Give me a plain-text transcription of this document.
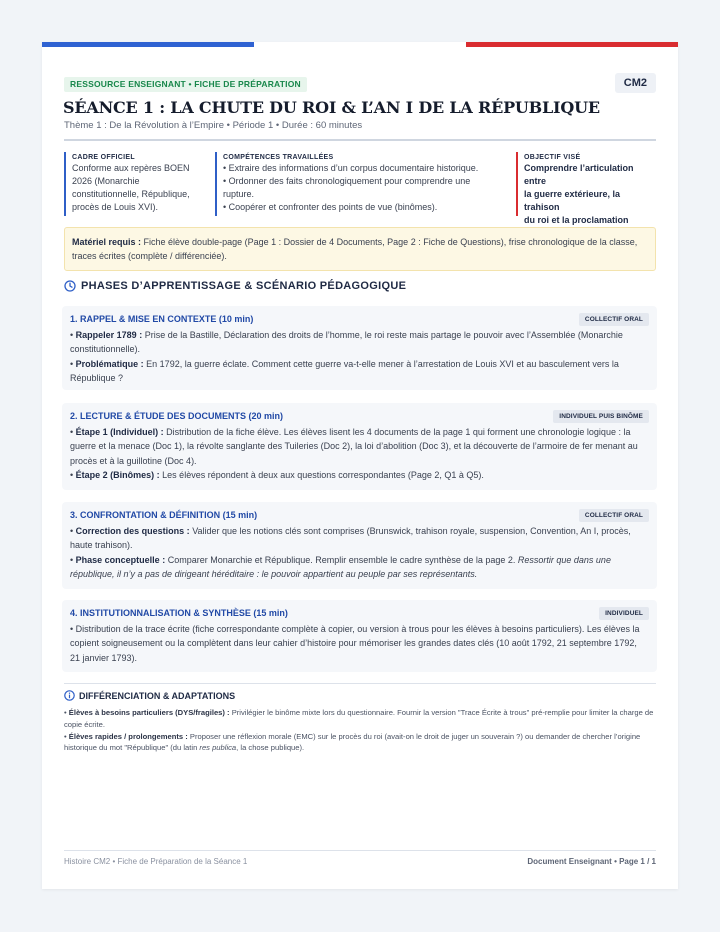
RESSOURCE ENSEIGNANT • FICHE DE PRÉPARATION	CM2
SÉANCE 1 : LA CHUTE DU ROI & L’AN I DE LA RÉPUBLIQUE
Thème 1 : De la Révolution à l’Empire • Période 1 • Durée : 60 minutes
CADRE OFFICIEL
Conforme aux repères BOEN
2026 (Monarchie
constitutionnelle, République,
procès de Louis XVI).
COMPÉTENCES TRAVAILLÉES
• Extraire des informations d’un corpus documentaire historique.
• Ordonner des faits chronologiquement pour comprendre une
rupture.
• Coopérer et confronter des points de vue (binômes).
OBJECTIF VISÉ
Comprendre l’articulation entre
la guerre extérieure, la trahison
du roi et la proclamation
Matériel requis : Fiche élève double-page (Page 1 : Dossier de 4 Documents, Page 2 : Fiche de Questions), frise chronologique de la classe, traces écrites (complète / différenciée).
PHASES D’APPRENTISSAGE & SCÉNARIO PÉDAGOGIQUE
1. RAPPEL & MISE EN CONTEXTE (10 min)	COLLECTIF ORAL

• Rappeler 1789 : Prise de la Bastille, Déclaration des droits de l’homme, le roi reste mais partage le pouvoir avec l’Assemblée (Monarchie constitutionnelle).

• Problématique : En 1792, la guerre éclate. Comment cette guerre va-t-elle mener à l’arrestation de Louis XVI et au basculement vers la République ?

2. LECTURE & ÉTUDE DES DOCUMENTS (20 min)	INDIVIDUEL PUIS BINÔME

• Étape 1 (Individuel) : Distribution de la fiche élève. Les élèves lisent les 4 documents de la page 1 qui forment une chronologie logique : la guerre et la menace (Doc 1), la révolte sanglante des Tuileries (Doc 2), la loi d’abolition (Doc 3), et la découverte de l’armoire de fer menant au procès et à la guillotine (Doc 4).

• Étape 2 (Binômes) : Les élèves répondent à deux aux questions correspondantes (Page 2, Q1 à Q5).

3. CONFRONTATION & DÉFINITION (15 min)	COLLECTIF ORAL

• Correction des questions : Valider que les notions clés sont comprises (Brunswick, trahison royale, suspension, Convention, An I, procès, haute trahison).

• Phase conceptuelle : Comparer Monarchie et République. Remplir ensemble le cadre synthèse de la page 2. Ressortir que dans une république, il n’y a pas de dirigeant héréditaire : le pouvoir appartient au peuple par ses représentants.

4. INSTITUTIONNALISATION & SYNTHÈSE (15 min)	INDIVIDUEL

• Distribution de la trace écrite (fiche correspondante complète à copier, ou version à trous pour les élèves à besoins particuliers). Les élèves la copient soigneusement ou la complètent dans leur cahier d’histoire pour mémoriser les grandes dates clés (10 août 1792, 21 septembre 1792, 21 janvier 1793).

DIFFÉRENCIATION & ADAPTATIONS

• Élèves à besoins particuliers (DYS/fragiles) : Privilégier le binôme mixte lors du questionnaire. Fournir la version "Trace Écrite à trous" pré-remplie pour limiter la charge de copie écrite.

• Élèves rapides / prolongements : Proposer une réflexion morale (EMC) sur le procès du roi (avait-on le droit de juger un souverain ?) ou demander de chercher l’origine historique du mot "République" (du latin res publica, la chose publique).

Histoire CM2 • Fiche de Préparation de la Séance 1	Document Enseignant • Page 1 / 1
